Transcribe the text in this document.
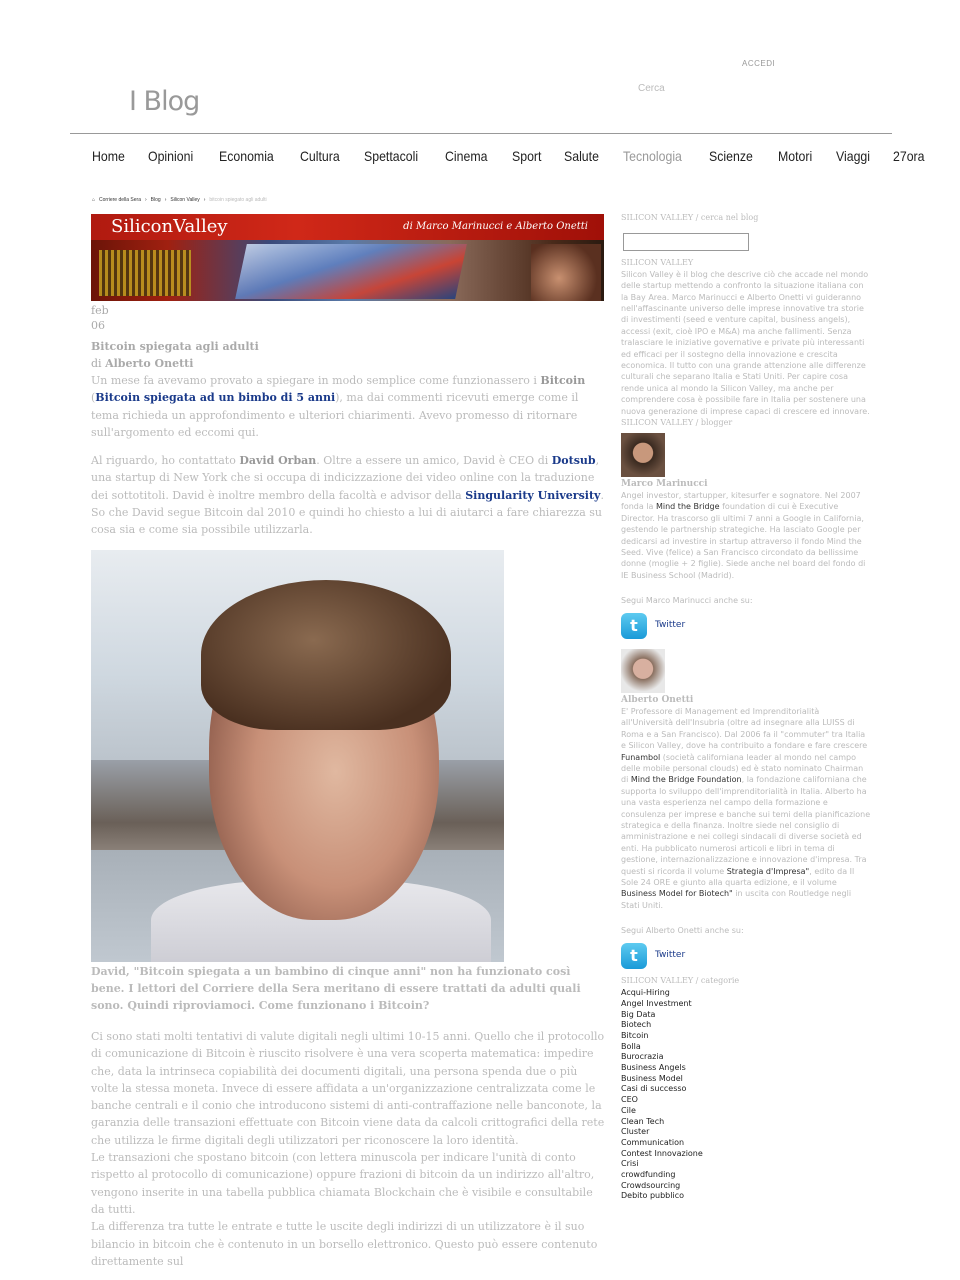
ACCEDI
I Blog	Cerca
Home Opinioni Economia Cultura Spettacoli Cinema Sport Salute Tecnologia Scienze Motori Viaggi 27ora
⌂ Corriere della Sera › Blog › Silicon Valley › bitcoin spiegato agli adulti
SiliconValley	di Marco Marinucci e Alberto Onetti
feb
06
Bitcoin spiegata agli adulti
di Alberto Onetti

Un mese fa avevamo provato a spiegare in modo semplice come funzionassero i Bitcoin (Bitcoin spiegata ad un bimbo di 5 anni), ma dai commenti ricevuti emerge come il tema richieda un approfondimento e ulteriori chiarimenti. Avevo promesso di ritornare sull'argomento ed eccomi qui.

Al riguardo, ho contattato David Orban. Oltre a essere un amico, David è CEO di Dotsub, una startup di New York che si occupa di indicizzazione dei video online con la traduzione dei sottotitoli. David è inoltre membro della facoltà e advisor della Singularity University. So che David segue Bitcoin dal 2010 e quindi ho chiesto a lui di aiutarci a fare chiarezza su cosa sia e come sia possibile utilizzarla.

David, "Bitcoin spiegata a un bambino di cinque anni" non ha funzionato così bene. I lettori del Corriere della Sera meritano di essere trattati da adulti quali sono. Quindi riproviamoci. Come funzionano i Bitcoin?

Ci sono stati molti tentativi di valute digitali negli ultimi 10-15 anni. Quello che il protocollo di comunicazione di Bitcoin è riuscito risolvere è una vera scoperta matematica: impedire che, data la intrinseca copiabilità dei documenti digitali, una persona spenda due o più volte la stessa moneta. Invece di essere affidata a un'organizzazione centralizzata come le banche centrali e il conio che introducono sistemi di anti-contraffazione nelle banconote, la garanzia delle transazioni effettuate con Bitcoin viene data da calcoli crittografici della rete che utilizza le firme digitali degli utilizzatori per riconoscere la loro identità.

Le transazioni che spostano bitcoin (con lettera minuscola per indicare l'unità di conto rispetto al protocollo di comunicazione) oppure frazioni di bitcoin da un indirizzo all'altro, vengono inserite in una tabella pubblica chiamata Blockchain che è visibile e consultabile da tutti.

La differenza tra tutte le entrate e tutte le uscite degli indirizzi di un utilizzatore è il suo bilancio in bitcoin che è contenuto in un borsello elettronico. Questo può essere contenuto direttamente sul

SILICON VALLEY / cerca nel blog
SILICON VALLEY

Silicon Valley è il blog che descrive ciò che accade nel mondo delle startup mettendo a confronto la situazione italiana con la Bay Area. Marco Marinucci e Alberto Onetti vi guideranno nell'affascinante universo delle imprese innovative tra storie di investimenti (seed e venture capital, business angels), accessi (exit, cioè IPO e M&A) ma anche fallimenti. Senza tralasciare le iniziative governative e private più interessanti ed efficaci per il sostegno della innovazione e crescita economica. Il tutto con una grande attenzione alle differenze culturali che separano Italia e Stati Uniti. Per capire cosa rende unica al mondo la Silicon Valley, ma anche per comprendere cosa è possibile fare in Italia per sostenere una nuova generazione di imprese capaci di crescere ed innovare.

SILICON VALLEY / blogger
Marco Marinucci

Angel investor, startupper, kitesurfer e sognatore. Nel 2007 fonda la Mind the Bridge foundation di cui è Executive Director. Ha trascorso gli ultimi 7 anni a Google in California, gestendo le partnership strategiche. Ha lasciato Google per dedicarsi ad investire in startup attraverso il fondo Mind the Seed. Vive (felice) a San Francisco circondato da bellissime donne (moglie + 2 figlie). Siede anche nel board del fondo di IE Business School (Madrid).

Segui Marco Marinucci anche su:
t	Twitter
Alberto Onetti

E' Professore di Management ed Imprenditorialità all'Università dell'Insubria (oltre ad insegnare alla LUISS di Roma e a San Francisco). Dal 2006 fa il "commuter" tra Italia e Silicon Valley, dove ha contribuito a fondare e fare crescere Funambol (società californiana leader al mondo nel campo delle mobile personal clouds) ed è stato nominato Chairman di Mind the Bridge Foundation, la fondazione californiana che supporta lo sviluppo dell'imprenditorialità in Italia. Alberto ha una vasta esperienza nel campo della formazione e consulenza per imprese e banche sui temi della pianificazione strategica e della finanza. Inoltre siede nel consiglio di amministrazione e nei collegi sindacali di diverse società ed enti. Ha pubblicato numerosi articoli e libri in tema di gestione, internazionalizzazione e innovazione d'impresa. Tra questi si ricorda il volume Strategia d'Impresa", edito da Il Sole 24 ORE e giunto alla quarta edizione, e il volume Business Model for Biotech" in uscita con Routledge negli Stati Uniti.

Segui Alberto Onetti anche su:
t	Twitter
SILICON VALLEY / categorie
Acqui-Hiring
Angel Investment
Big Data
Biotech
Bitcoin
Bolla
Burocrazia
Business Angels
Business Model
Casi di successo
CEO
Cile
Clean Tech
Cluster
Communication
Contest Innovazione
Crisi
crowdfunding
Crowdsourcing
Debito pubblico
